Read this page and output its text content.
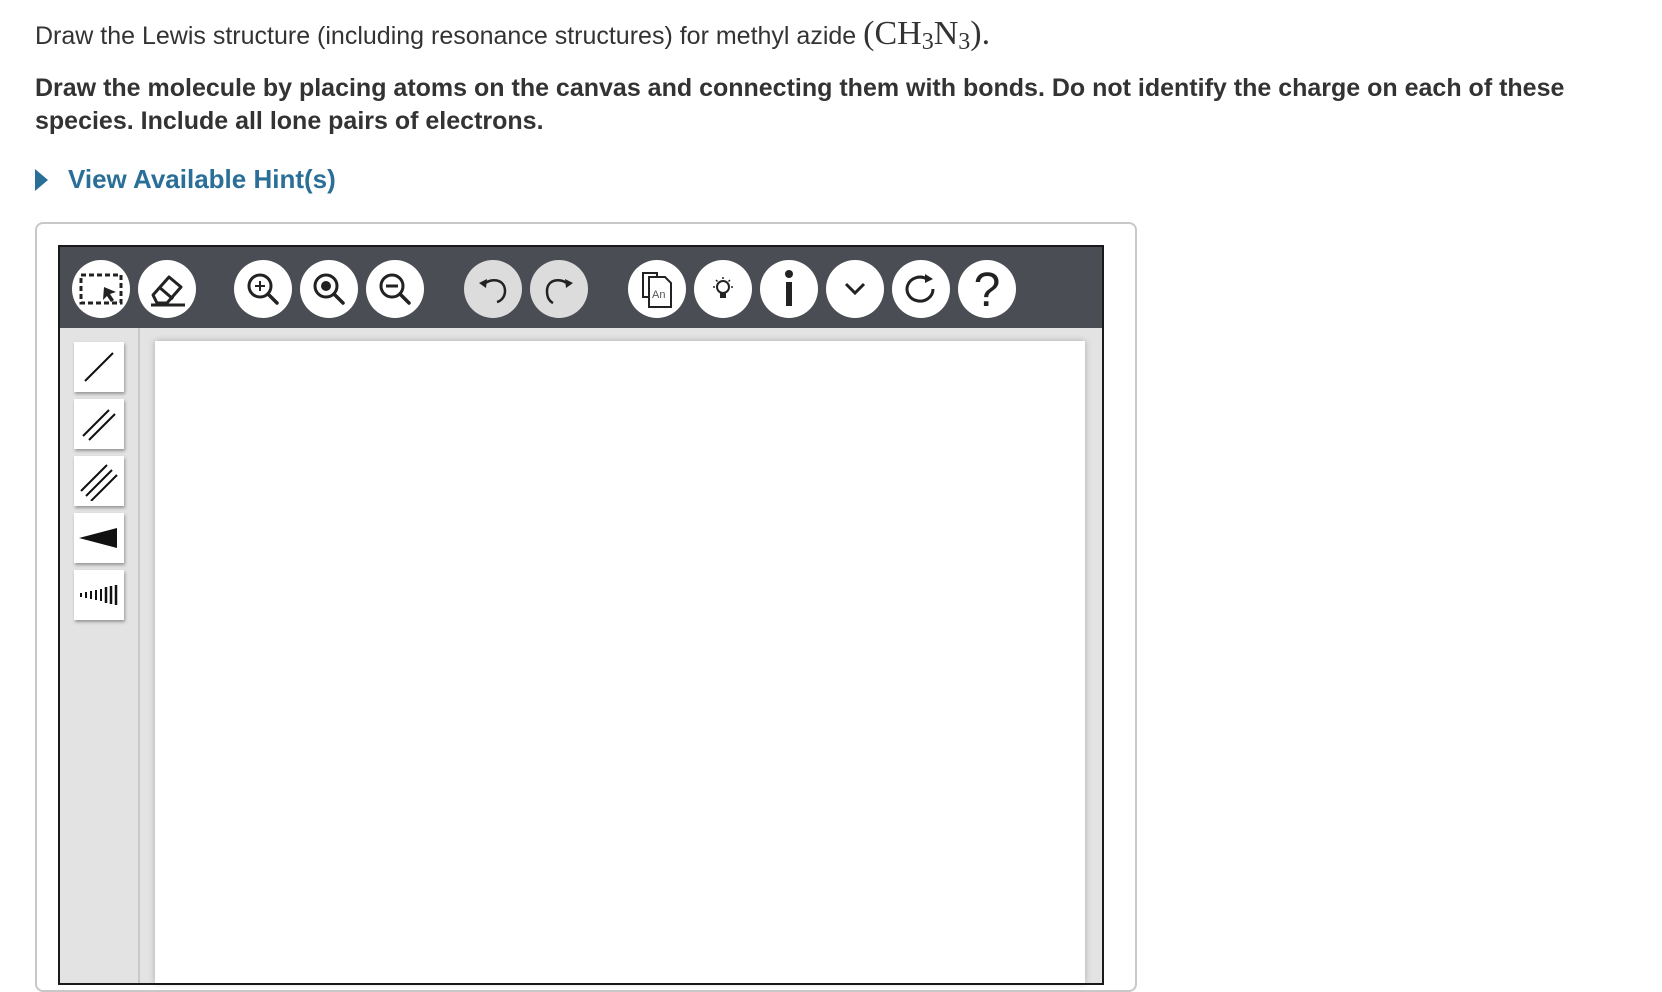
Draw the Lewis structure (including resonance structures) for methyl azide $(CH_3N_3)$.
Draw the molecule by placing atoms on the canvas and connecting them with bonds. Do not identify the charge on each of these species. Include all lone pairs of electrons.
View Available Hint(s)
An	?
